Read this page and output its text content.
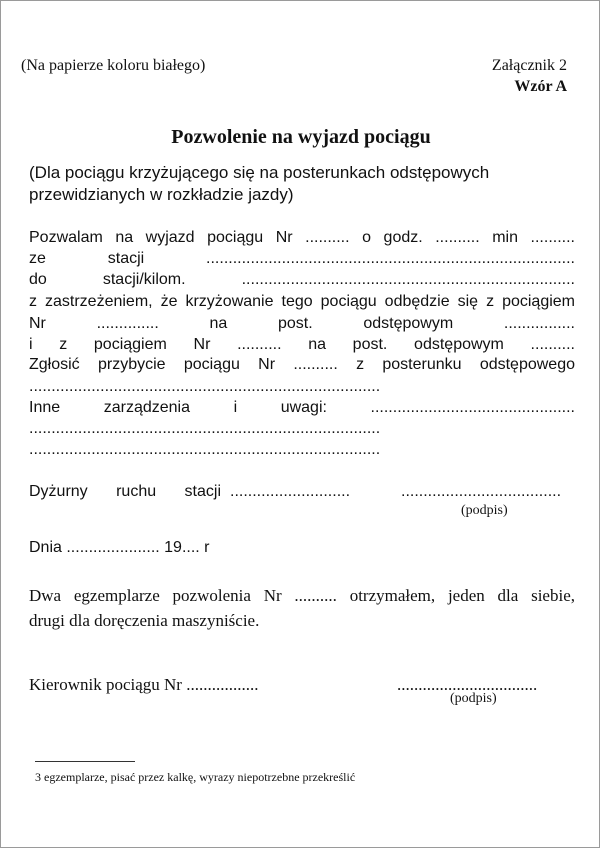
(Na papierze koloru białego)	Załącznik 2
Wzór A
Pozwolenie na wyjazd pociągu
(Dla pociągu krzyżującego się na posterunkach odstępowych
przewidzianych w rozkładzie jazdy)
Pozwalam na wyjazd pociągu Nr .......... o godz. .......... min ..........
ze stacji ...................................................................................
do stacji/kilom. ...........................................................................
z zastrzeżeniem, że krzyżowanie tego pociągu odbędzie się z pociągiem
Nr .............. na post. odstępowym ................
i z pociągiem Nr .......... na post. odstępowym ..........
Zgłosić przybycie pociągu Nr .......... z posterunku odstępowego
...............................................................................
Inne zarządzenia i uwagi: ..............................................
...............................................................................
...............................................................................
Dyżurny ruchu stacji ...........................	....................................
(podpis)
Dnia ..................... 19.... r
Dwa egzemplarze pozwolenia Nr .......... otrzymałem, jeden dla siebie,
drugi dla doręczenia maszyniście.
Kierownik pociągu Nr .................	.................................
(podpis)
3 egzemplarze, pisać przez kalkę, wyrazy niepotrzebne przekreślić
